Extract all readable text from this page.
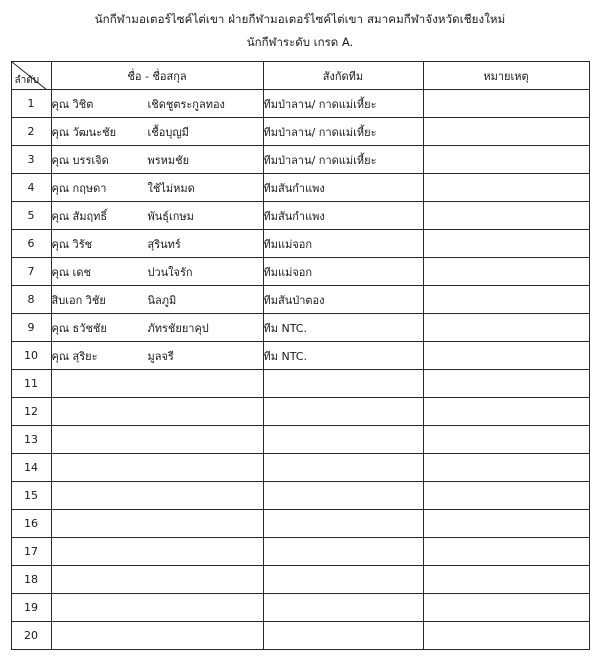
นักกีฬามอเตอร์ไซค์ไต่เขา ฝ่ายกีฬามอเตอร์ไซค์ไต่เขา สมาคมกีฬาจังหวัดเชียงใหม่
นักกีฬาระดับ เกรด A.
ลำดับ	ชื่อ - ชื่อสกุล	สังกัดทีม	หมายเหตุ
1	คุณ วิชิต เชิดชูตระกูลทอง	ทีมป่าลาน/ กาดแม่เหี้ยะ	
2	คุณ วัฒนะชัย เชื้อบุญมี	ทีมป่าลาน/ กาดแม่เหี้ยะ	
3	คุณ บรรเจิด พรหมชัย	ทีมป่าลาน/ กาดแม่เหี้ยะ	
4	คุณ กฤษดา ใช้ไม่หมด	ทีมสันกำแพง	
5	คุณ สัมฤทธิ์ พันธุ์เกษม	ทีมสันกำแพง	
6	คุณ วิรัช สุรินทร์	ทีมแม่จอก	
7	คุณ เดช ปวนใจรัก	ทีมแม่จอก	
8	สิบเอก วิชัย นิลภูมิ	ทีมสันป่าตอง	
9	คุณ ธวัชชัย ภัทรชัยยาคุป	ทีม NTC.	
10	คุณ สุริยะ มูลจรี	ทีม NTC.	
11	

12	

13	

14	

15	

16	

17	

18	

19	

20	
